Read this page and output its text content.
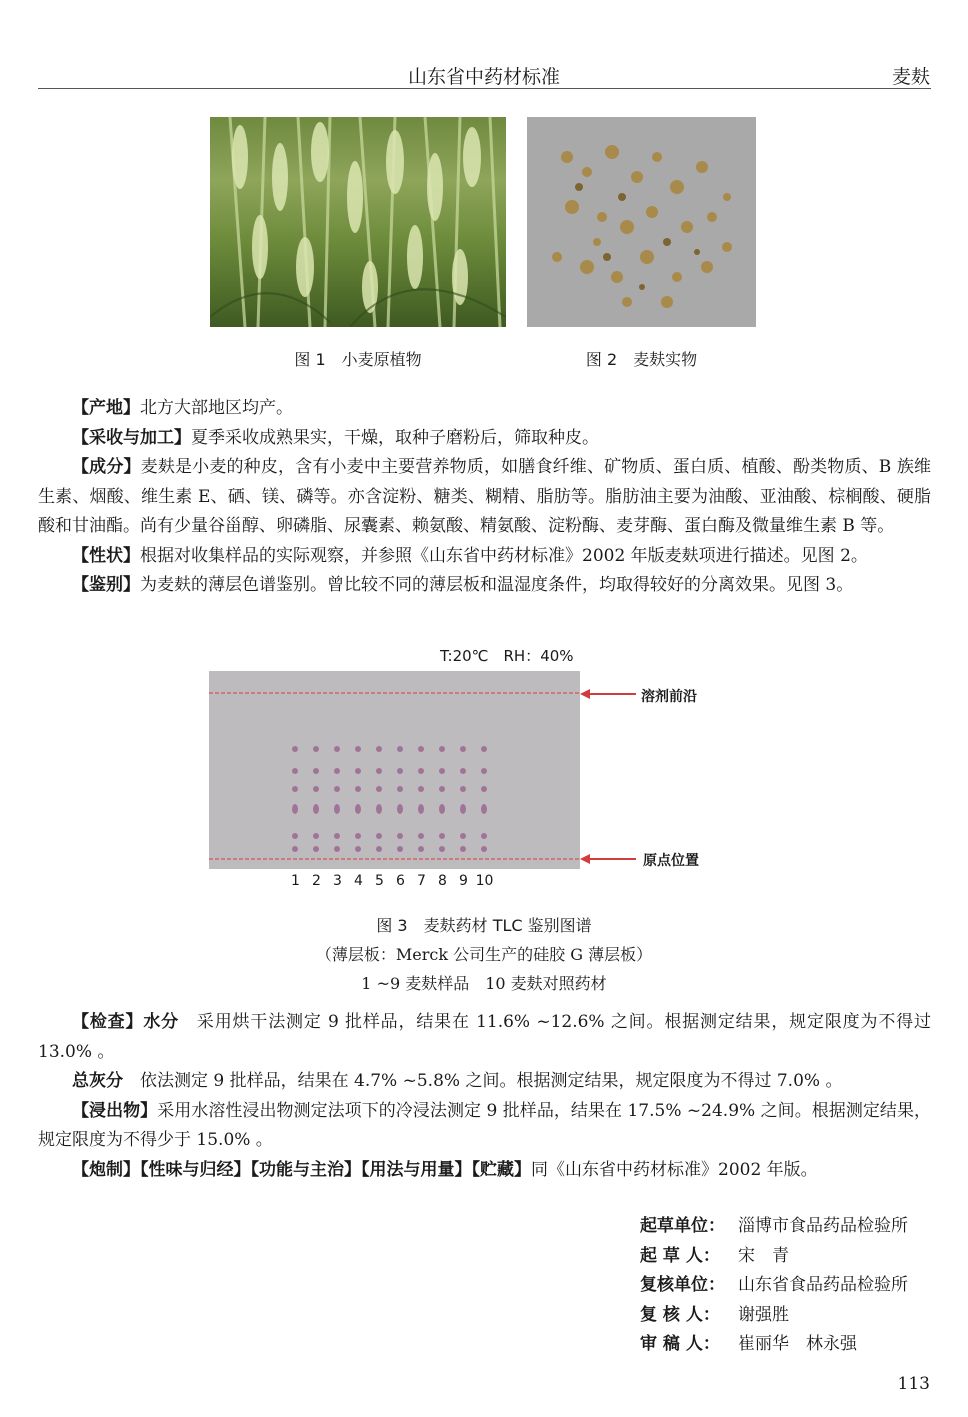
山东省中药材标准	麦麸
图 1　小麦原植物	图 2　麦麸实物

【产地】北方大部地区均产。

【采收与加工】夏季采收成熟果实，干燥，取种子磨粉后，筛取种皮。

【成分】麦麸是小麦的种皮，含有小麦中主要营养物质，如膳食纤维、矿物质、蛋白质、植酸、酚类物质、B 族维生素、烟酸、维生素 E、硒、镁、磷等。亦含淀粉、糖类、糊精、脂肪等。脂肪油主要为油酸、亚油酸、棕榈酸、硬脂酸和甘油酯。尚有少量谷甾醇、卵磷脂、尿囊素、赖氨酸、精氨酸、淀粉酶、麦芽酶、蛋白酶及微量维生素 B 等。

【性状】根据对收集样品的实际观察，并参照《山东省中药材标准》2002 年版麦麸项进行描述。见图 2。

【鉴别】为麦麸的薄层色谱鉴别。曾比较不同的薄层板和温湿度条件，均取得较好的分离效果。见图 3。

T:20℃　RH：40%
溶剂前沿
原点位置
1 2 3 4 5 6 7 8 9 10
图 3　麦麸药材 TLC 鉴别图谱
（薄层板：Merck 公司生产的硅胶 G 薄层板）
1 ~9 麦麸样品　10 麦麸对照药材

【检查】水分　 采用烘干法测定 9 批样品，结果在 11.6% ~12.6% 之间。根据测定结果，规定限度为不得过 13.0% 。

总灰分　 依法测定 9 批样品，结果在 4.7% ~5.8% 之间。根据测定结果，规定限度为不得过 7.0% 。

【浸出物】采用水溶性浸出物测定法项下的冷浸法测定 9 批样品，结果在 17.5% ~24.9% 之间。根据测定结果，规定限度为不得少于 15.0% 。

【炮制】【性味与归经】【功能与主治】【用法与用量】【贮藏】同《山东省中药材标准》2002 年版。

起草单位： 淄博市食品药品检验所
起 草 人： 宋　青
复核单位： 山东省食品药品检验所
复 核 人： 谢强胜
审 稿 人： 崔丽华　林永强
113
